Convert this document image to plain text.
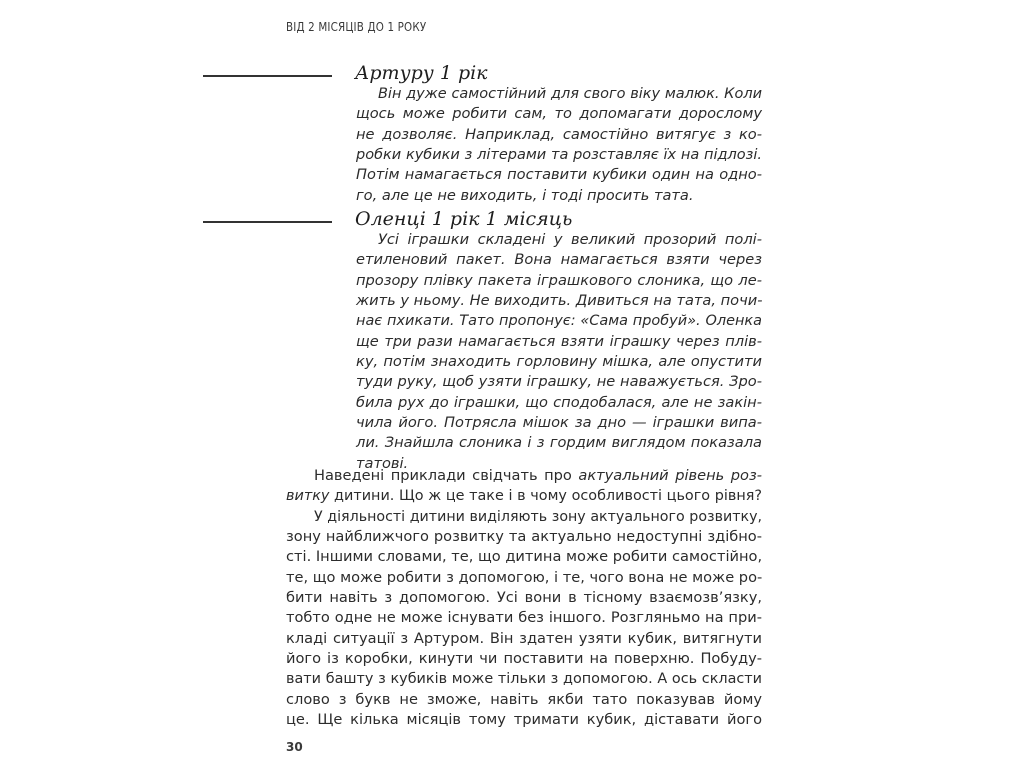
ВІД 2 МІСЯЦІВ ДО 1 РОКУ
Артуру 1 рік
Він дуже самостійний для свого віку малюк. Коли
щось може робити сам, то допомагати дорослому
не дозволяє. Наприклад, самостійно витягує з ко-
робки кубики з літерами та розставляє їх на підлозі.
Потім намагається поставити кубики один на одно-
го, але це не виходить, і тоді просить тата.
Оленці 1 рік 1 місяць
Усі іграшки складені у великий прозорий полі-
етиленовий пакет. Вона намагається взяти через
прозору плівку пакета іграшкового слоника, що ле-
жить у ньому. Не виходить. Дивиться на тата, почи-
нає пхикати. Тато пропонує: «Сама пробуй». Оленка
ще три рази намагається взяти іграшку через плів-
ку, потім знаходить горловину мішка, але опустити
туди руку, щоб узяти іграшку, не наважується. Зро-
била рух до іграшки, що сподобалася, але не закін-
чила його. Потрясла мішок за дно — іграшки випа-
ли. Знайшла слоника і з гордим виглядом показала
татові.
Наведені приклади свідчать про актуальний рівень роз-
витку дитини. Що ж це таке і в чому особливості цього рівня?
У діяльності дитини виділяють зону актуального розвитку,
зону найближчого розвитку та актуально недоступні здібно-
сті. Іншими словами, те, що дитина може робити самостійно,
те, що може робити з допомогою, і те, чого вона не може ро-
бити навіть з допомогою. Усі вони в тісному взаємозв’язку,
тобто одне не може існувати без іншого. Розгляньмо на при-
кладі ситуації з Артуром. Він здатен узяти кубик, витягнути
його із коробки, кинути чи поставити на поверхню. Побуду-
вати башту з кубиків може тільки з допомогою. А ось скласти
слово з букв не зможе, навіть якби тато показував йому
це. Ще кілька місяців тому тримати кубик, діставати його
30
